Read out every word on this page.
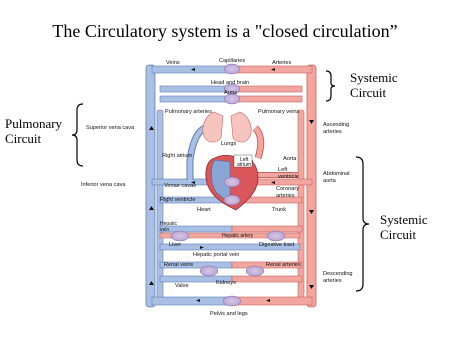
The Circulatory system is a "closed circulation”
Systemic
Circuit
Pulmonary
Circuit
Systemic
Circuit
Veins	Capillaries	Arteries
Head and brain
Arms
Pulmonary arteries	Pulmonary veins
Superior vena cava	Ascending
arteries
Lungs
Right atrium
Left
atrium
Aorta
Left
ventricle
Inferior vena cava	Venae cavae	Coronary
arteries
Abdominal
aorta
Right ventricle
Heart	Trunk
Hepatic
vein
Hepatic artery
Liver	Digestive tract
Hepatic portal vein
Renal veins	Renal arteries
Kidneys
Valve
Descending
arteries
Pelvis and legs
